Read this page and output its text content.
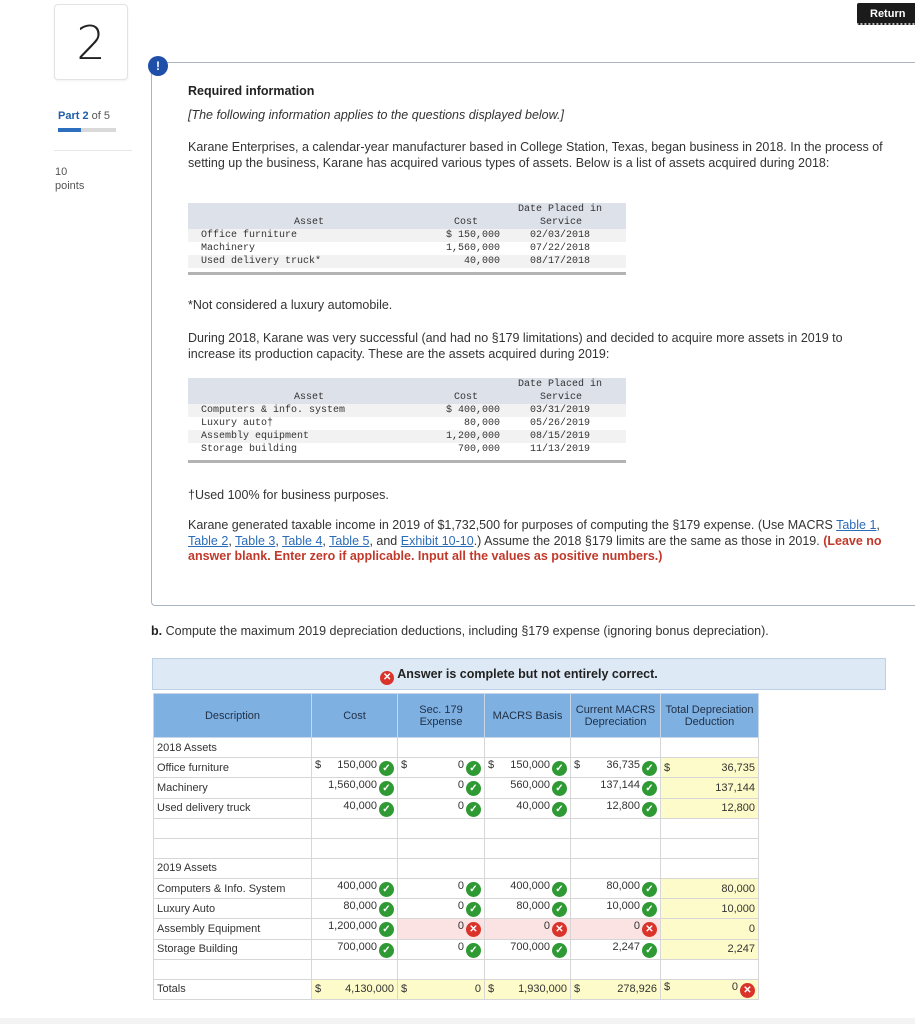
2
Part 2 of 5
10
points
Return
!
Required information
[The following information applies to the questions displayed below.]
Karane Enterprises, a calendar-year manufacturer based in College Station, Texas, began business in 2018. In the process of setting up the business, Karane has acquired various types of assets. Below is a list of assets acquired during 2018:
Asset	Cost
Date Placed in
Service
Office furniture	$ 150,000	02/03/2018
Machinery	1,560,000	07/22/2018
Used delivery truck*	40,000	08/17/2018
*Not considered a luxury automobile.
During 2018, Karane was very successful (and had no §179 limitations) and decided to acquire more assets in 2019 to increase its production capacity. These are the assets acquired during 2019:
Asset	Cost
Date Placed in
Service
Computers & info. system	$ 400,000	03/31/2019
Luxury auto†	80,000	05/26/2019
Assembly equipment	1,200,000	08/15/2019
Storage building	700,000	11/13/2019
†Used 100% for business purposes.
Karane generated taxable income in 2019 of $1,732,500 for purposes of computing the §179 expense. (Use MACRS Table 1, Table 2, Table 3, Table 4, Table 5, and Exhibit 10-10.) Assume the 2018 §179 limits are the same as those in 2019. (Leave no answer blank. Enter zero if applicable. Input all the values as positive numbers.)
b. Compute the maximum 2019 depreciation deductions, including §179 expense (ignoring bonus depreciation).
✕ Answer is complete but not entirely correct.
Description	Cost	Sec. 179 Expense	MACRS Basis	Current MACRS Depreciation	Total Depreciation Deduction
2018 Assets					
Office furniture	$ 150,000 ✓	$ 0 ✓	$ 150,000 ✓	$ 36,735 ✓	$ 36,735
Machinery	1,560,000 ✓	0 ✓	560,000 ✓	137,144 ✓	137,144
Used delivery truck	40,000 ✓	0 ✓	40,000 ✓	12,800 ✓	12,800

2019 Assets					
Computers & Info. System	400,000 ✓	0 ✓	400,000 ✓	80,000 ✓	80,000
Luxury Auto	80,000 ✓	0 ✓	80,000 ✓	10,000 ✓	10,000
Assembly Equipment	1,200,000 ✓	0 ✕	0 ✕	0 ✕	0
Storage Building	700,000 ✓	0 ✓	700,000 ✓	2,247 ✓	2,247

Totals	$ 4,130,000	$ 0	$ 1,930,000	$ 278,926	$ 0 ✕
